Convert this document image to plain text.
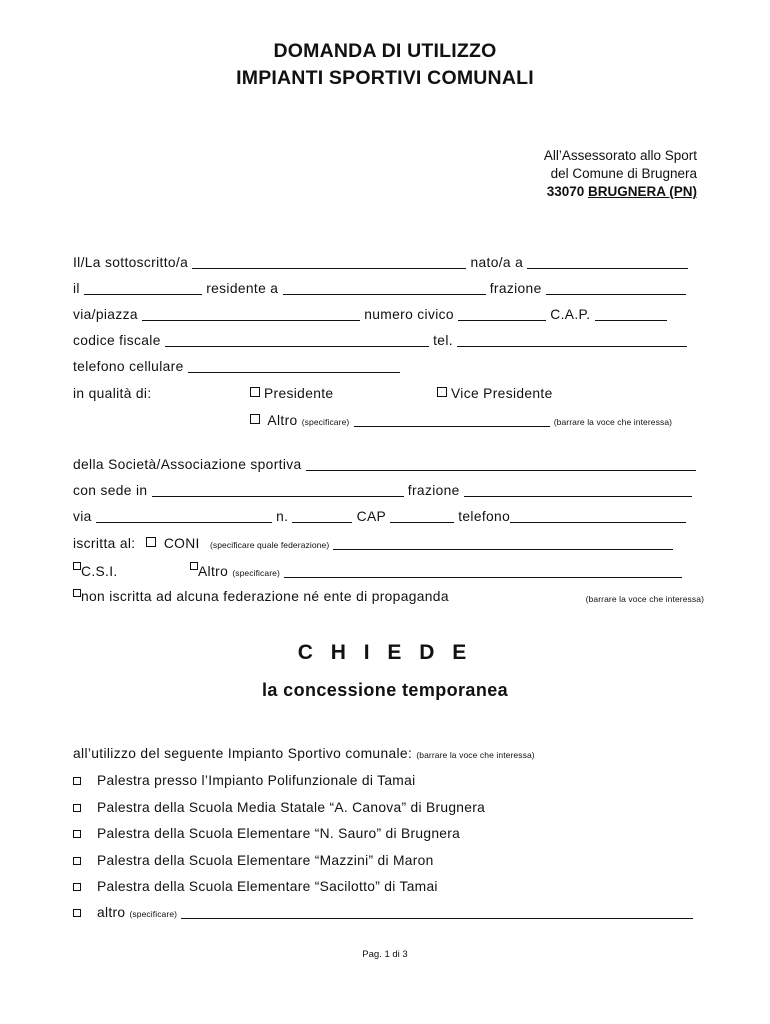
DOMANDA DI UTILIZZO
IMPIANTI SPORTIVI COMUNALI
All’Assessorato allo Sport
del Comune di Brugnera
33070 BRUGNERA (PN)
Il/La sottoscritto/a	nato/a a
il	residente a	frazione
via/piazza	numero civico	C.A.P.
codice fiscale	tel.
telefono cellulare
in qualità di:	Presidente	Vice Presidente
Altro (specificare)	(barrare la voce che interessa)
della Società/Associazione sportiva
con sede in	frazione
via	n.	CAP	telefono
iscritta al: CONI (specificare quale federazione)
C.S.I.	Altro (specificare)
non iscritta ad alcuna federazione né ente di propaganda	(barrare la voce che interessa)
C H I E D E
la concessione temporanea
all’utilizzo del seguente Impianto Sportivo comunale: (barrare la voce che interessa)
Palestra presso l’Impianto Polifunzionale di Tamai
Palestra della Scuola Media Statale “A. Canova” di Brugnera
Palestra della Scuola Elementare “N. Sauro” di Brugnera
Palestra della Scuola Elementare “Mazzini” di Maron
Palestra della Scuola Elementare “Sacilotto” di Tamai
altro (specificare)
Pag. 1 di 3
